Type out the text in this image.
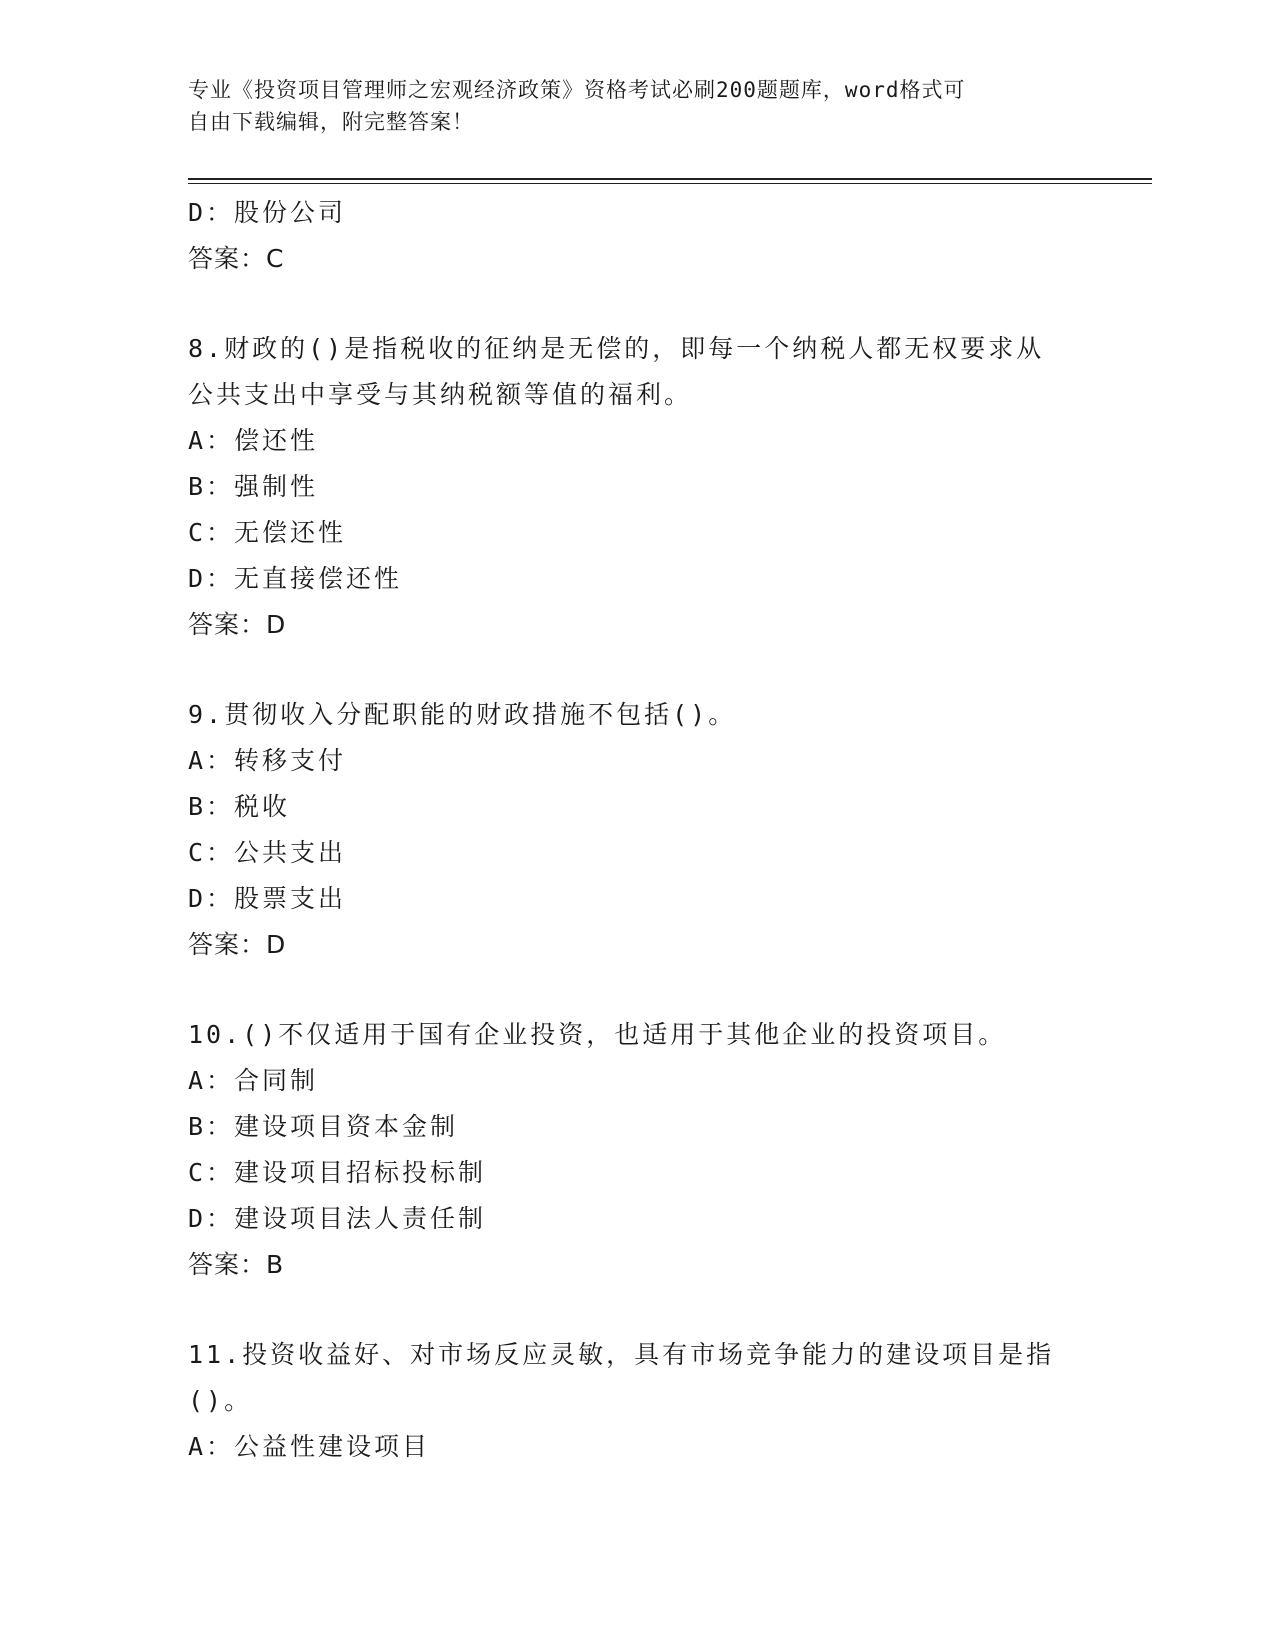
专业《投资项目管理师之宏观经济政策》资格考试必刷200题题库，word格式可
自由下载编辑，附完整答案！
D：股份公司
答案：C
8.财政的()是指税收的征纳是无偿的，即每一个纳税人都无权要求从
公共支出中享受与其纳税额等值的福利。
A：偿还性
B：强制性
C：无偿还性
D：无直接偿还性
答案：D
9.贯彻收入分配职能的财政措施不包括()。
A：转移支付
B：税收
C：公共支出
D：股票支出
答案：D
10.()不仅适用于国有企业投资，也适用于其他企业的投资项目。
A：合同制
B：建设项目资本金制
C：建设项目招标投标制
D：建设项目法人责任制
答案：B
11.投资收益好、对市场反应灵敏，具有市场竞争能力的建设项目是指
()。
A：公益性建设项目
